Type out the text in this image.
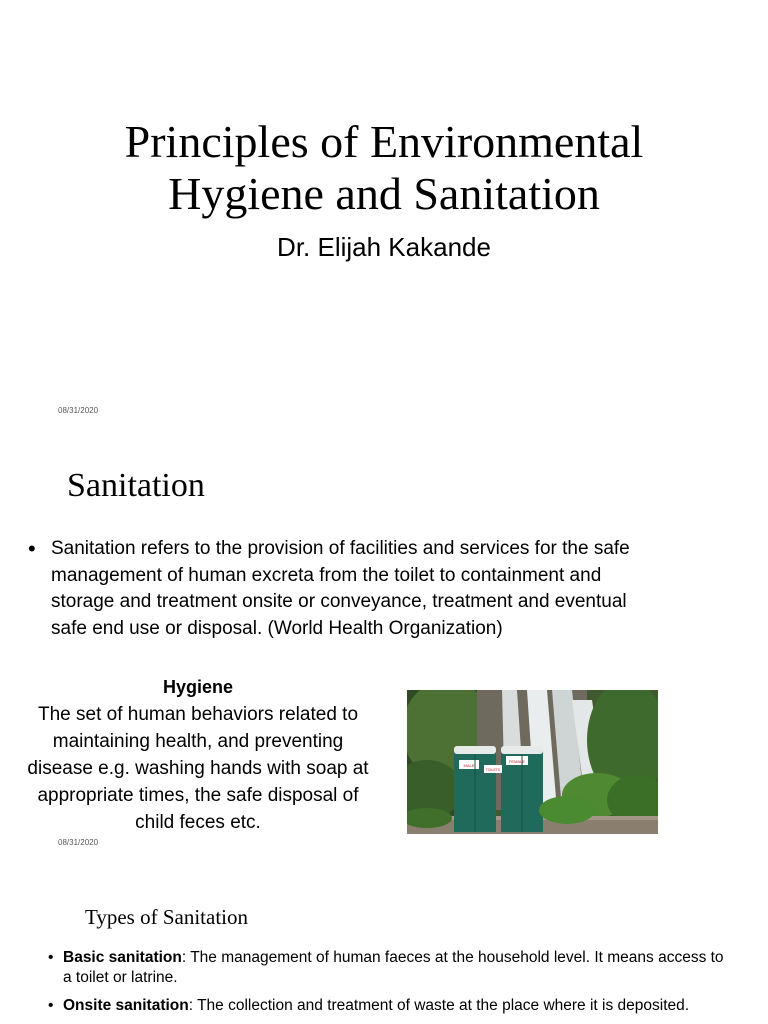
Principles of Environmental
Hygiene and Sanitation
Dr. Elijah Kakande
08/31/2020
Sanitation
• Sanitation refers to the provision of facilities and services for the safe
management of human excreta from the toilet to containment and
storage and treatment onsite or conveyance, treatment and eventual
safe end use or disposal. (World Health Organization)
Hygiene
The set of human behaviors related to
maintaining health, and preventing
disease e.g. washing hands with soap at
appropriate times, the safe disposal of
child feces etc.
MALE
TOILETS
FEMALE
08/31/2020
Types of Sanitation
• Basic sanitation: The management of human faeces at the household level. It means access to a toilet or latrine.
• Onsite sanitation: The collection and treatment of waste at the place where it is deposited.
